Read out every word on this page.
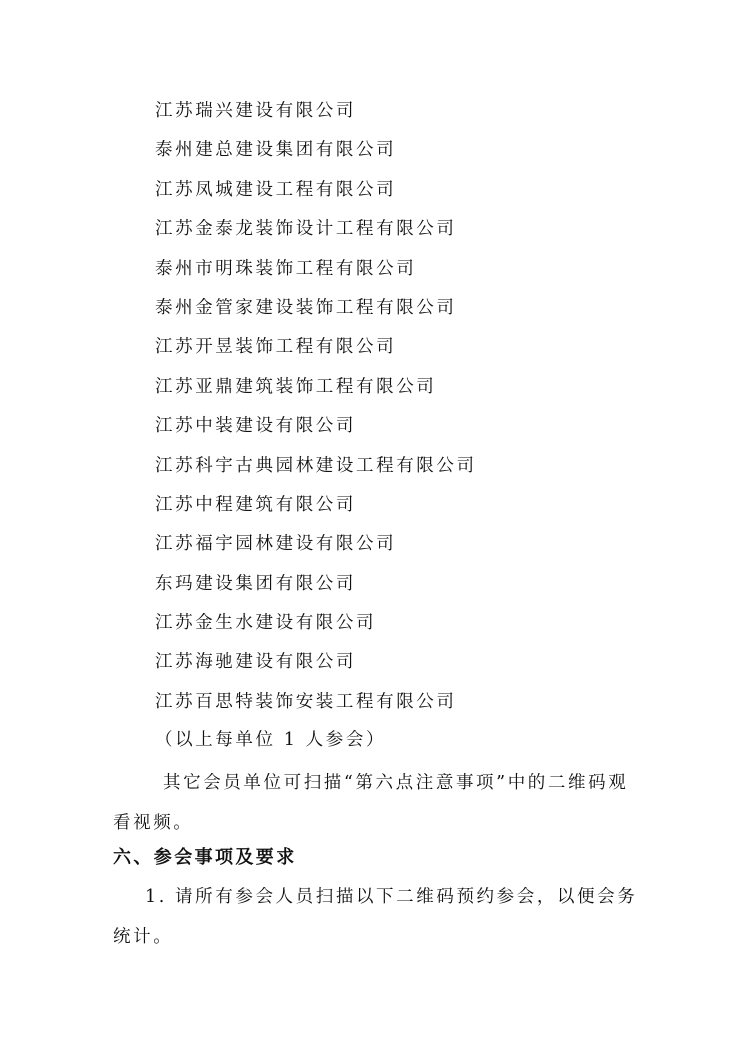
江苏瑞兴建设有限公司
泰州建总建设集团有限公司
江苏凤城建设工程有限公司
江苏金泰龙装饰设计工程有限公司
泰州市明珠装饰工程有限公司
泰州金管家建设装饰工程有限公司
江苏开昱装饰工程有限公司
江苏亚鼎建筑装饰工程有限公司
江苏中装建设有限公司
江苏科宇古典园林建设工程有限公司
江苏中程建筑有限公司
江苏福宇园林建设有限公司
东玛建设集团有限公司
江苏金生水建设有限公司
江苏海驰建设有限公司
江苏百思特装饰安装工程有限公司
（以上每单位 1 人参会）

其它会员单位可扫描“第六点注意事项”中的二维码观看视频。

六、参会事项及要求

1. 请所有参会人员扫描以下二维码预约参会，以便会务统计。
